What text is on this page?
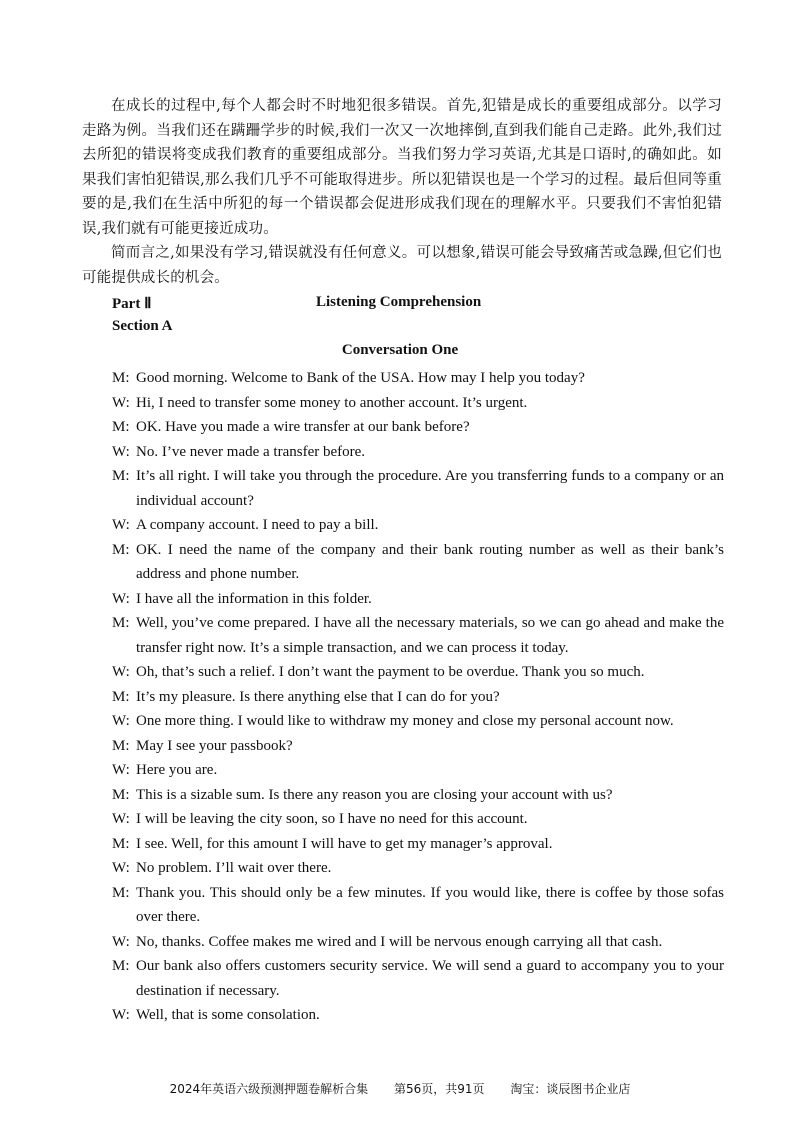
在成长的过程中,每个人都会时不时地犯很多错误。首先,犯错是成长的重要组成部分。以学习走路为例。当我们还在蹒跚学步的时候,我们一次又一次地摔倒,直到我们能自己走路。此外,我们过去所犯的错误将变成我们教育的重要组成部分。当我们努力学习英语,尤其是口语时,的确如此。如果我们害怕犯错误,那么我们几乎不可能取得进步。所以犯错误也是一个学习的过程。最后但同等重要的是,我们在生活中所犯的每一个错误都会促进形成我们现在的理解水平。只要我们不害怕犯错误,我们就有可能更接近成功。

简而言之,如果没有学习,错误就没有任何意义。可以想象,错误可能会导致痛苦或急躁,但它们也可能提供成长的机会。

Part Ⅱ	Listening Comprehension
Section A
Conversation One
M: Good morning. Welcome to Bank of the USA. How may I help you today?
W: Hi, I need to transfer some money to another account. It’s urgent.
M: OK. Have you made a wire transfer at our bank before?
W: No. I’ve never made a transfer before.
M: It’s all right. I will take you through the procedure. Are you transferring funds to a company or an individual account?
W: A company account. I need to pay a bill.
M: OK. I need the name of the company and their bank routing number as well as their bank’s address and phone number.
W: I have all the information in this folder.
M: Well, you’ve come prepared. I have all the necessary materials, so we can go ahead and make the transfer right now. It’s a simple transaction, and we can process it today.
W: Oh, that’s such a relief. I don’t want the payment to be overdue. Thank you so much.
M: It’s my pleasure. Is there anything else that I can do for you?
W: One more thing. I would like to withdraw my money and close my personal account now.
M: May I see your passbook?
W: Here you are.
M: This is a sizable sum. Is there any reason you are closing your account with us?
W: I will be leaving the city soon, so I have no need for this account.
M: I see. Well, for this amount I will have to get my manager’s approval.
W: No problem. I’ll wait over there.
M: Thank you. This should only be a few minutes. If you would like, there is coffee by those sofas over there.
W: No, thanks. Coffee makes me wired and I will be nervous enough carrying all that cash.
M: Our bank also offers customers security service. We will send a guard to accompany you to your destination if necessary.
W: Well, that is some consolation.
2024年英语六级预测押题卷解析合集 第56页，共91页 淘宝：谈辰图书企业店
